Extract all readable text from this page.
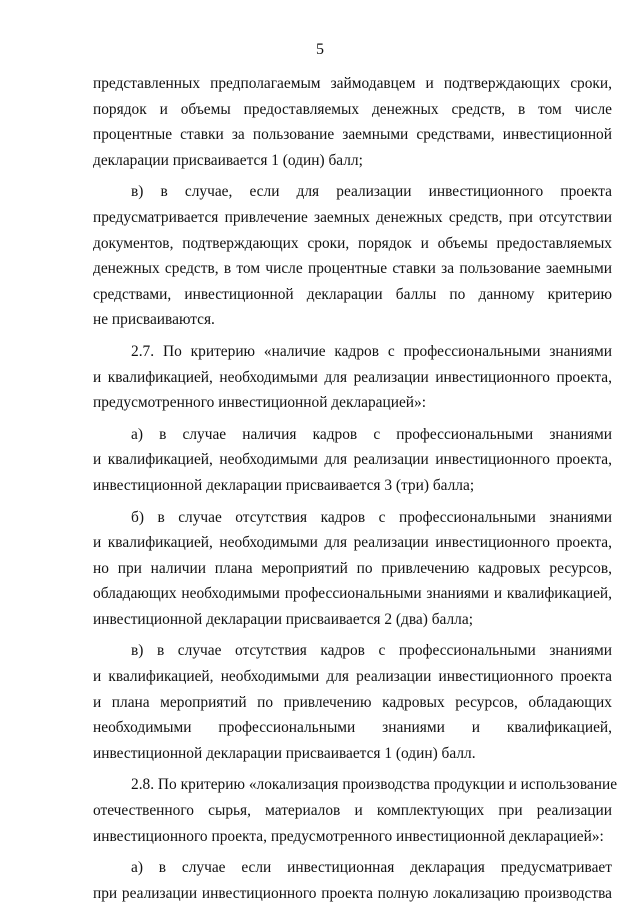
5
представленных предполагаемым займодавцем и подтверждающих сроки,
порядок и объемы предоставляемых денежных средств, в том числе
процентные ставки за пользование заемными средствами, инвестиционной
декларации присваивается 1 (один) балл;
в) в случае, если для реализации инвестиционного проекта
предусматривается привлечение заемных денежных средств, при отсутствии
документов, подтверждающих сроки, порядок и объемы предоставляемых
денежных средств, в том числе процентные ставки за пользование заемными
средствами, инвестиционной декларации баллы по данному критерию
не присваиваются.
2.7. По критерию «наличие кадров с профессиональными знаниями
и квалификацией, необходимыми для реализации инвестиционного проекта,
предусмотренного инвестиционной декларацией»:
а) в случае наличия кадров с профессиональными знаниями
и квалификацией, необходимыми для реализации инвестиционного проекта,
инвестиционной декларации присваивается 3 (три) балла;
б) в случае отсутствия кадров с профессиональными знаниями
и квалификацией, необходимыми для реализации инвестиционного проекта,
но при наличии плана мероприятий по привлечению кадровых ресурсов,
обладающих необходимыми профессиональными знаниями и квалификацией,
инвестиционной декларации присваивается 2 (два) балла;
в) в случае отсутствия кадров с профессиональными знаниями
и квалификацией, необходимыми для реализации инвестиционного проекта
и плана мероприятий по привлечению кадровых ресурсов, обладающих
необходимыми профессиональными знаниями и квалификацией,
инвестиционной декларации присваивается 1 (один) балл.
2.8. По критерию «локализация производства продукции и использование
отечественного сырья, материалов и комплектующих при реализации
инвестиционного проекта, предусмотренного инвестиционной декларацией»:
а) в случае если инвестиционная декларация предусматривает
при реализации инвестиционного проекта полную локализацию производства
